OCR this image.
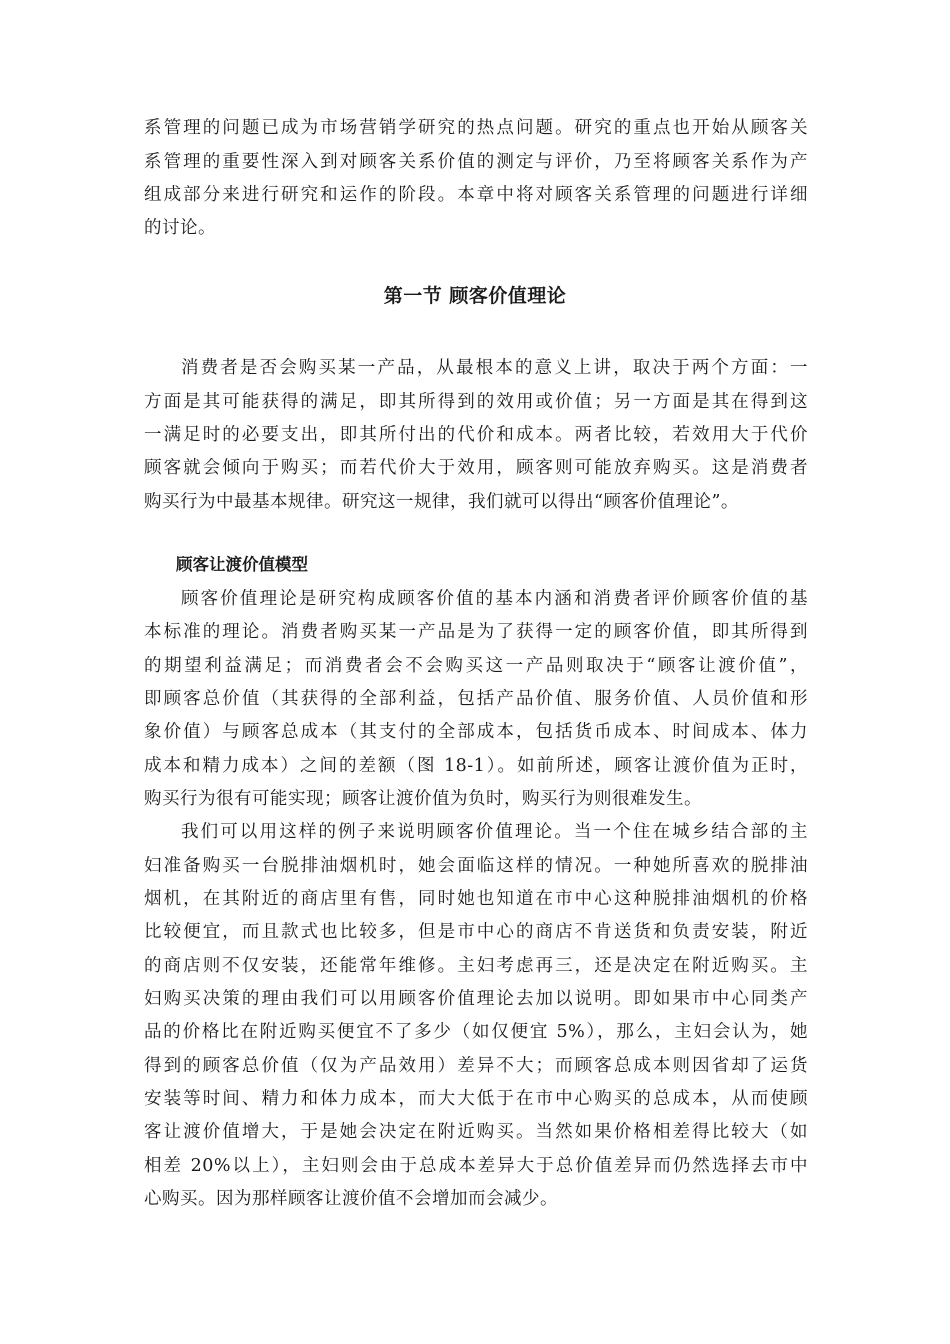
系管理的问题已成为市场营销学研究的热点问题。研究的重点也开始从顾客关
系管理的重要性深入到对顾客关系价值的测定与评价，乃至将顾客关系作为产
组成部分来进行研究和运作的阶段。本章中将对顾客关系管理的问题进行详细
的讨论。
第一节 顾客价值理论
消费者是否会购买某一产品，从最根本的意义上讲，取决于两个方面：一
方面是其可能获得的满足，即其所得到的效用或价值；另一方面是其在得到这
一满足时的必要支出，即其所付出的代价和成本。两者比较，若效用大于代价
顾客就会倾向于购买；而若代价大于效用，顾客则可能放弃购买。这是消费者
购买行为中最基本规律。研究这一规律，我们就可以得出“顾客价值理论”。
顾客让渡价值模型
顾客价值理论是研究构成顾客价值的基本内涵和消费者评价顾客价值的基
本标准的理论。消费者购买某一产品是为了获得一定的顾客价值，即其所得到
的期望利益满足；而消费者会不会购买这一产品则取决于“顾客让渡价值”，
即顾客总价值（其获得的全部利益，包括产品价值、服务价值、人员价值和形
象价值）与顾客总成本（其支付的全部成本，包括货币成本、时间成本、体力
成本和精力成本）之间的差额（图 18-1）。如前所述，顾客让渡价值为正时，
购买行为很有可能实现；顾客让渡价值为负时，购买行为则很难发生。
我们可以用这样的例子来说明顾客价值理论。当一个住在城乡结合部的主
妇准备购买一台脱排油烟机时，她会面临这样的情况。一种她所喜欢的脱排油
烟机，在其附近的商店里有售，同时她也知道在市中心这种脱排油烟机的价格
比较便宜，而且款式也比较多，但是市中心的商店不肯送货和负责安装，附近
的商店则不仅安装，还能常年维修。主妇考虑再三，还是决定在附近购买。主
妇购买决策的理由我们可以用顾客价值理论去加以说明。即如果市中心同类产
品的价格比在附近购买便宜不了多少（如仅便宜 5%），那么，主妇会认为，她
得到的顾客总价值（仅为产品效用）差异不大；而顾客总成本则因省却了运货
安装等时间、精力和体力成本，而大大低于在市中心购买的总成本，从而使顾
客让渡价值增大，于是她会决定在附近购买。当然如果价格相差得比较大（如
相差 20%以上），主妇则会由于总成本差异大于总价值差异而仍然选择去市中
心购买。因为那样顾客让渡价值不会增加而会减少。
